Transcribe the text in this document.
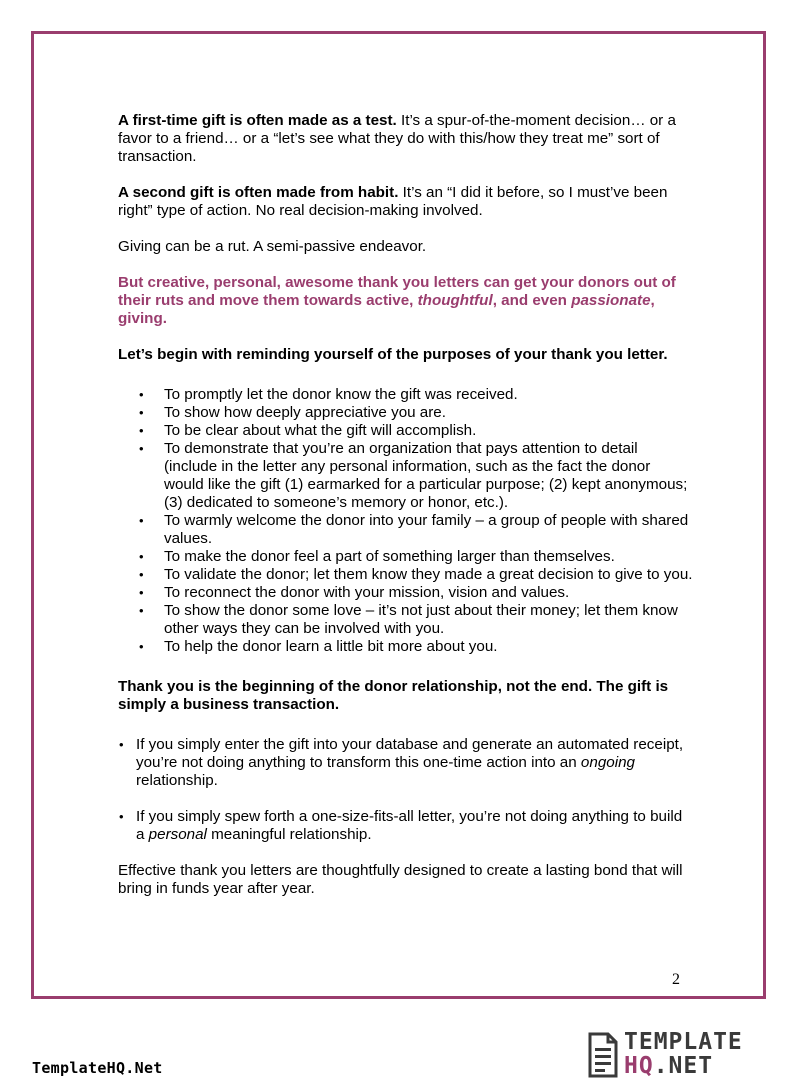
A first-time gift is often made as a test. It’s a spur-of-the-moment decision… or a favor to a friend… or a “let’s see what they do with this/how they treat me” sort of transaction.

A second gift is often made from habit. It’s an “I did it before, so I must’ve been right” type of action. No real decision-making involved.

Giving can be a rut. A semi-passive endeavor.

But creative, personal, awesome thank you letters can get your donors out of their ruts and move them towards active, thoughtful, and even passionate, giving.

Let’s begin with reminding yourself of the purposes of your thank you letter.

• To promptly let the donor know the gift was received.
• To show how deeply appreciative you are.
• To be clear about what the gift will accomplish.
• To demonstrate that you’re an organization that pays attention to detail (include in the letter any personal information, such as the fact the donor would like the gift (1) earmarked for a particular purpose; (2) kept anonymous; (3) dedicated to someone’s memory or honor, etc.).
• To warmly welcome the donor into your family – a group of people with shared values.
• To make the donor feel a part of something larger than themselves.
• To validate the donor; let them know they made a great decision to give to you.
• To reconnect the donor with your mission, vision and values.
• To show the donor some love – it’s not just about their money; let them know other ways they can be involved with you.
• To help the donor learn a little bit more about you.

Thank you is the beginning of the donor relationship, not the end. The gift is simply a business transaction.

• If you simply enter the gift into your database and generate an automated receipt, you’re not doing anything to transform this one-time action into an ongoing relationship.
• If you simply spew forth a one-size-fits-all letter, you’re not doing anything to build a personal meaningful relationship.

Effective thank you letters are thoughtfully designed to create a lasting bond that will bring in funds year after year.

2
TemplateHQ.Net
TEMPLATE
HQ.NET
